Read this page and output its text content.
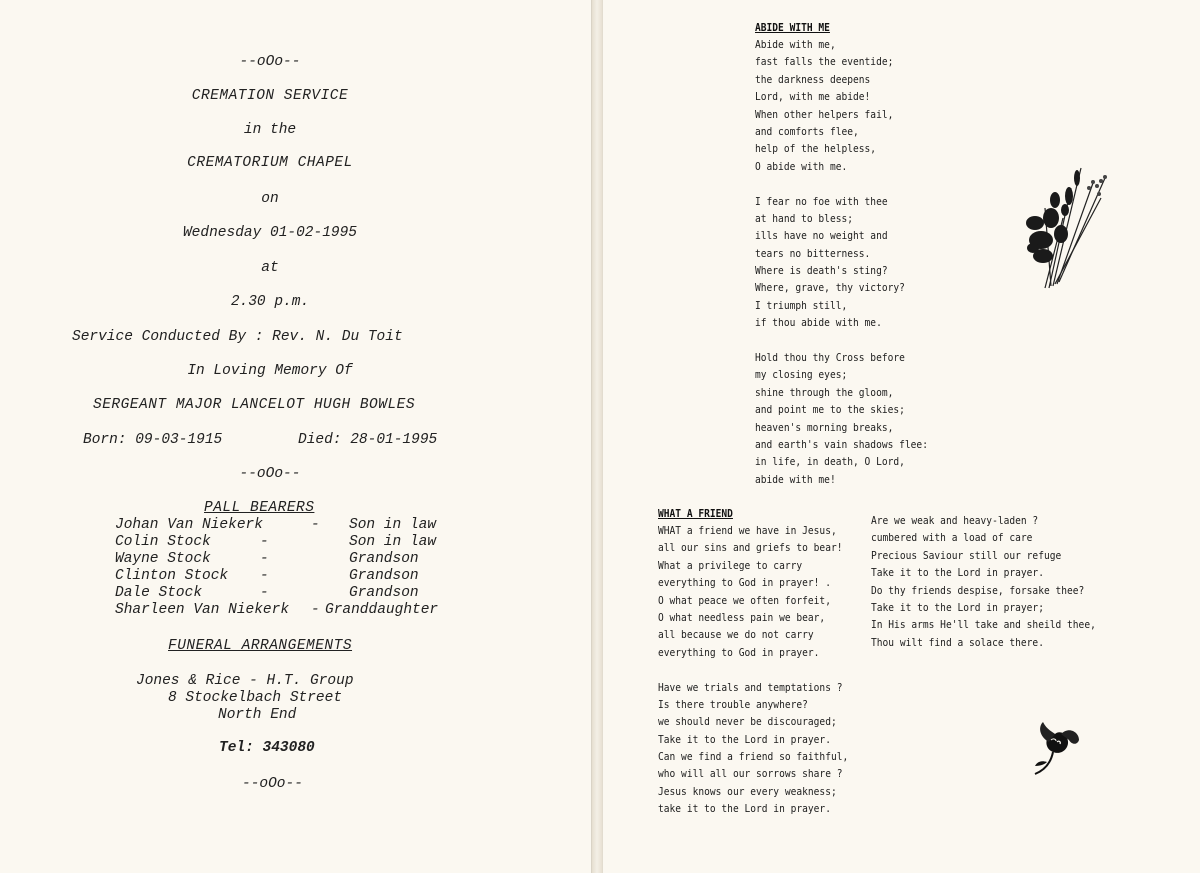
--oOo--
CREMATION SERVICE
in the
CREMATORIUM CHAPEL
on
Wednesday 01-02-1995
at
2.30 p.m.
Service Conducted By : Rev. N. Du Toit
In Loving Memory Of
SERGEANT MAJOR LANCELOT HUGH BOWLES
Born: 09-03-1915	Died: 28-01-1995
--oOo--
PALL BEARERS
Johan Van Niekerk	- Son in law
Colin Stock	-	Son in law
Wayne Stock	-	Grandson
Clinton Stock -	Grandson
Dale Stock	-	Grandson
Sharleen Van Niekerk - Granddaughter
FUNERAL ARRANGEMENTS
Jones & Rice - H.T. Group
8 Stockelbach Street
North End
Tel: 343080
--oOo--
ABIDE WITH ME
Abide with me,
fast falls the eventide;
the darkness deepens
Lord, with me abide!
When other helpers fail,
and comforts flee,
help of the helpless,
O abide with me.
I fear no foe with thee
at hand to bless;
ills have no weight and
tears no bitterness.
Where is death's sting?
Where, grave, thy victory?
I triumph still,
if thou abide with me.
Hold thou thy Cross before
my closing eyes;
shine through the gloom,
and point me to the skies;
heaven's morning breaks,
and earth's vain shadows flee:
in life, in death, O Lord,
abide with me!
WHAT A FRIEND
WHAT a friend we have in Jesus,
all our sins and griefs to bear!
What a privilege to carry
everything to God in prayer! .
O what peace we often forfeit,
O what needless pain we bear,
all because we do not carry
everything to God in prayer.
Have we trials and temptations ?
Is there trouble anywhere?
we should never be discouraged;
Take it to the Lord in prayer.
Can we find a friend so faithful,
who will all our sorrows share ?
Jesus knows our every weakness;
take it to the Lord in prayer.
Are we weak and heavy-laden ?
cumbered with a load of care
Precious Saviour still our refuge
Take it to the Lord in prayer.
Do thy friends despise, forsake thee?
Take it to the Lord in prayer;
In His arms He'll take and sheild thee,
Thou wilt find a solace there.
